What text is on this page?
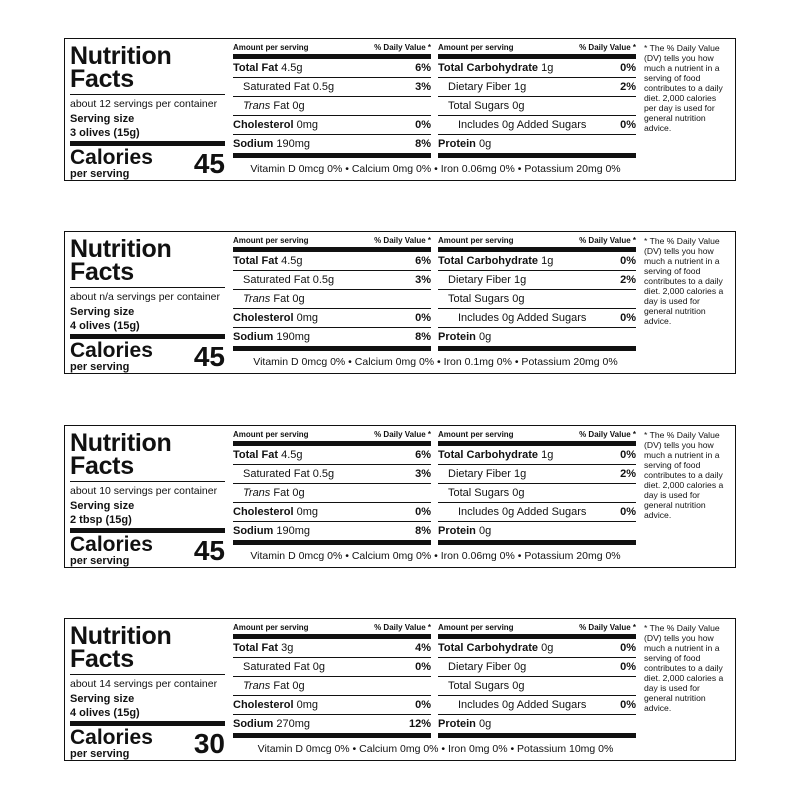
Nutrition
Facts
about 12 servings per container
Serving size
3 olives (15g)
Calories
per serving 45
Amount per serving	% Daily Value *
Total Fat 4.5g	6%
Saturated Fat 0.5g	3%
Trans Fat 0g
Cholesterol 0mg	0%
Sodium 190mg	8%
Amount per serving	% Daily Value *
Total Carbohydrate 1g	0%
Dietary Fiber 1g	2%
Total Sugars 0g
Includes 0g Added Sugars	0%
Protein 0g
Vitamin D 0mcg 0% • Calcium 0mg 0% • Iron 0.06mg 0% • Potassium 20mg 0%
* The % Daily Value (DV) tells you how much a nutrient in a serving of food contributes to a daily diet. 2,000 calories per day is used for general nutrition advice.
Nutrition
Facts
about n/a servings per container
Serving size
4 olives (15g)
Calories
per serving 45
Amount per serving	% Daily Value *
Total Fat 4.5g	6%
Saturated Fat 0.5g	3%
Trans Fat 0g
Cholesterol 0mg	0%
Sodium 190mg	8%
Amount per serving	% Daily Value *
Total Carbohydrate 1g	0%
Dietary Fiber 1g	2%
Total Sugars 0g
Includes 0g Added Sugars	0%
Protein 0g
Vitamin D 0mcg 0% • Calcium 0mg 0% • Iron 0.1mg 0% • Potassium 20mg 0%
* The % Daily Value (DV) tells you how much a nutrient in a serving of food contributes to a daily diet. 2,000 calories a day is used for general nutrition advice.
Nutrition
Facts
about 10 servings per container
Serving size
2 tbsp (15g)
Calories
per serving 45
Amount per serving	% Daily Value *
Total Fat 4.5g	6%
Saturated Fat 0.5g	3%
Trans Fat 0g
Cholesterol 0mg	0%
Sodium 190mg	8%
Amount per serving	% Daily Value *
Total Carbohydrate 1g	0%
Dietary Fiber 1g	2%
Total Sugars 0g
Includes 0g Added Sugars	0%
Protein 0g
Vitamin D 0mcg 0% • Calcium 0mg 0% • Iron 0.06mg 0% • Potassium 20mg 0%
* The % Daily Value (DV) tells you how much a nutrient in a serving of food contributes to a daily diet. 2,000 calories a day is used for general nutrition advice.
Nutrition
Facts
about 14 servings per container
Serving size
4 olives (15g)
Calories
per serving 30
Amount per serving	% Daily Value *
Total Fat 3g	4%
Saturated Fat 0g	0%
Trans Fat 0g
Cholesterol 0mg	0%
Sodium 270mg	12%
Amount per serving	% Daily Value *
Total Carbohydrate 0g	0%
Dietary Fiber 0g	0%
Total Sugars 0g
Includes 0g Added Sugars	0%
Protein 0g
Vitamin D 0mcg 0% • Calcium 0mg 0% • Iron 0mg 0% • Potassium 10mg 0%
* The % Daily Value (DV) tells you how much a nutrient in a serving of food contributes to a daily diet. 2,000 calories a day is used for general nutrition advice.
